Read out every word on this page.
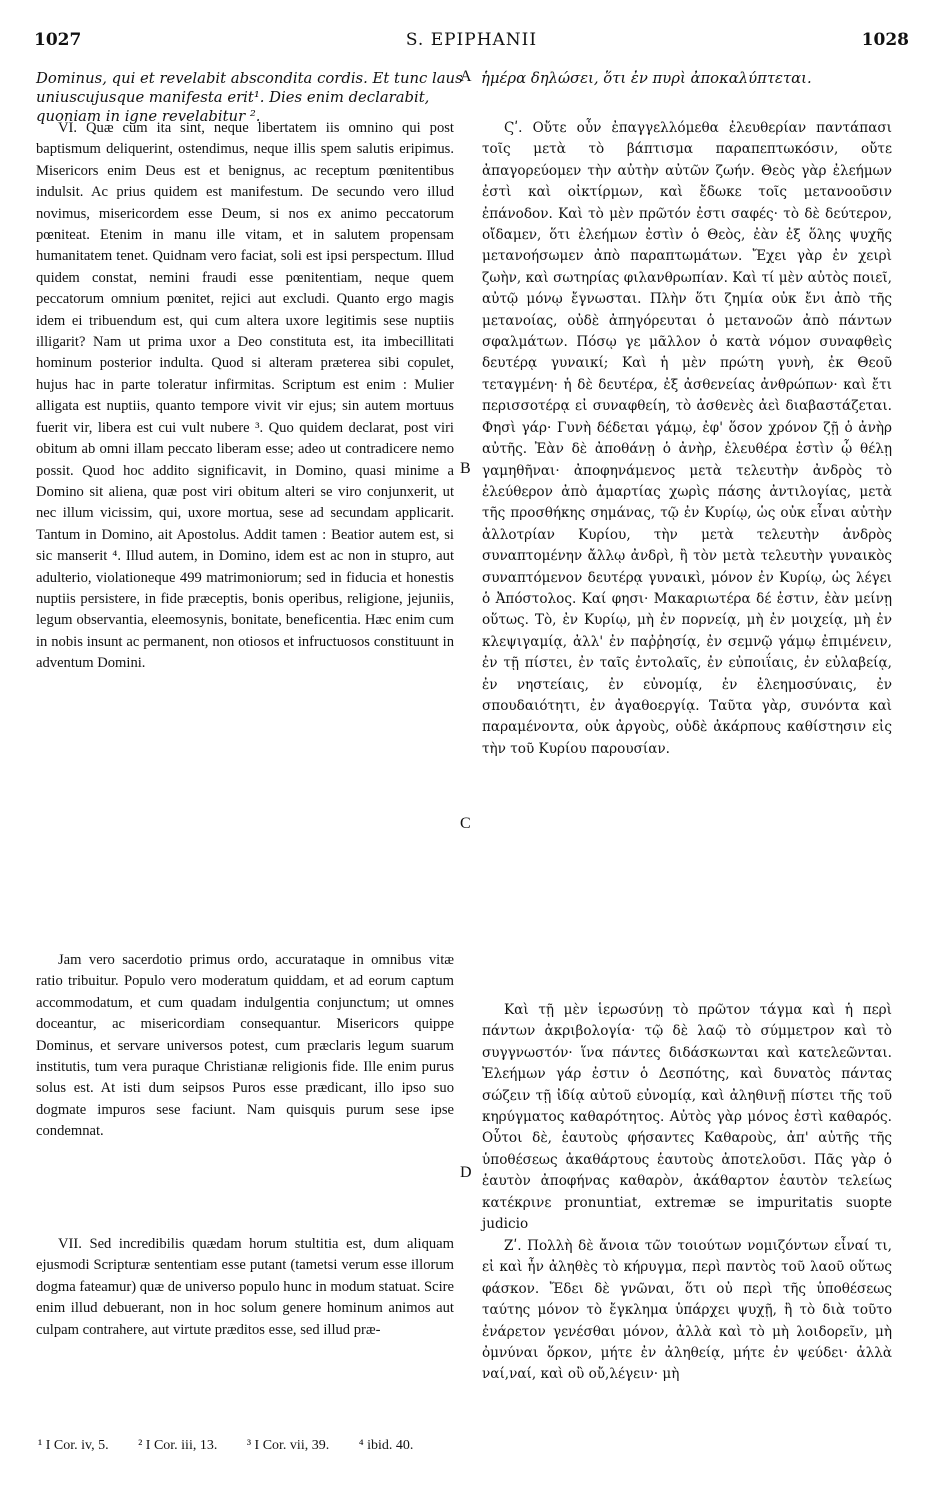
1027	S. EPIPHANII	1028
Dominus, qui et revelabit abscondita cordis. Et tunc laus uniuscujusque manifesta erit¹. Dies enim declarabit, quoniam in igne revelabitur ².
A ἡμέρα δηλώσει, ὅτι ἐν πυρὶ ἀποκαλύπτεται.

VI. Quæ cum ita sint, neque libertatem iis omnino qui post baptismum deliquerint, ostendimus, neque illis spem salutis eripimus. Misericors enim Deus est et benignus, ac receptum pœnitentibus indulsit. Ac prius quidem est manifestum. De secundo vero illud novimus, misericordem esse Deum, si nos ex animo peccatorum pœniteat. Etenim in manu ille vitam, et in salutem propensam humanitatem tenet. Quidnam vero faciat, soli est ipsi perspectum. Illud quidem constat, nemini fraudi esse pœnitentiam, neque quem peccatorum omnium pœnitet, rejici aut excludi. Quanto ergo magis idem ei tribuendum est, qui cum altera uxore legitimis sese nuptiis illigarit? Nam ut prima uxor a Deo constituta est, ita imbecillitati hominum posterior indulta. Quod si alteram præterea sibi copulet, hujus hac in parte toleratur infirmitas. Scriptum est enim : Mulier alligata est nuptiis, quanto tempore vivit vir ejus; sin autem mortuus fuerit vir, libera est cui vult nubere ³. Quo quidem declarat, post viri obitum ab omni illam peccato liberam esse; adeo ut contradicere nemo possit. Quod hoc addito significavit, in Domino, quasi minime a Domino sit aliena, quæ post viri obitum alteri se viro conjunxerit, ut nec illum vicissim, qui, uxore mortua, sese ad secundam applicarit. Tantum in Domino, ait Apostolus. Addit tamen : Beatior autem est, si sic manserit ⁴. Illud autem, in Domino, idem est ac non in stupro, aut adulterio, violationeque 499 matrimoniorum; sed in fiducia et honestis nuptiis persistere, in fide præceptis, bonis operibus, religione, jejuniis, legum observantia, eleemosynis, bonitate, beneficentia. Hæc enim cum in nobis insunt ac permanent, non otiosos et infructuosos constituunt in adventum Domini.

Jam vero sacerdotio primus ordo, accurataque in omnibus vitæ ratio tribuitur. Populo vero moderatum quiddam, et ad eorum captum accommodatum, et cum quadam indulgentia conjunctum; ut omnes doceantur, ac misericordiam consequantur. Misericors quippe Dominus, et servare universos potest, cum præclaris legum suarum institutis, tum vera puraque Christianæ religionis fide. Ille enim purus solus est. At isti dum seipsos Puros esse prædicant, illo ipso suo dogmate impuros sese faciunt. Nam quisquis purum sese ipse condemnat.

VII. Sed incredibilis quædam horum stultitia est, dum aliquam ejusmodi Scripturæ sententiam esse putant (tametsi verum esse illorum dogma fateamur) quæ de universo populo hunc in modum statuat. Scire enim illud debuerant, non in hoc solum genere hominum animos aut culpam contrahere, aut virtute præditos esse, sed illud præ-

B
C
D

Ϛʹ. Οὔτε οὖν ἐπαγγελλόμεθα ἐλευθερίαν παντάπασι τοῖς μετὰ τὸ βάπτισμα παραπεπτωκόσιν, οὔτε ἀπαγορεύομεν τὴν αὐτὴν αὐτῶν ζωήν. Θεὸς γὰρ ἐλεήμων ἐστὶ καὶ οἰκτίρμων, καὶ ἔδωκε τοῖς μετανοοῦσιν ἐπάνοδον. Καὶ τὸ μὲν πρῶτόν ἐστι σαφές· τὸ δὲ δεύτερον, οἴδαμεν, ὅτι ἐλεήμων ἐστὶν ὁ Θεὸς, ἐὰν ἐξ ὅλης ψυχῆς μετανοήσωμεν ἀπὸ παραπτωμάτων. Ἔχει γὰρ ἐν χειρὶ ζωὴν, καὶ σωτηρίας φιλανθρωπίαν. Καὶ τί μὲν αὐτὸς ποιεῖ, αὐτῷ μόνῳ ἔγνωσται. Πλὴν ὅτι ζημία οὐκ ἔνι ἀπὸ τῆς μετανοίας, οὐδὲ ἀπηγόρευται ὁ μετανοῶν ἀπὸ πάντων σφαλμάτων. Πόσῳ γε μᾶλλον ὁ κατὰ νόμον συναφθεὶς δευτέρᾳ γυναικί; Καὶ ἡ μὲν πρώτη γυνὴ, ἐκ Θεοῦ τεταγμένη· ἡ δὲ δευτέρα, ἐξ ἀσθενείας ἀνθρώπων· καὶ ἔτι περισσοτέρᾳ εἰ συναφθείη, τὸ ἀσθενὲς ἀεὶ διαβαστάζεται. Φησὶ γάρ· Γυνὴ δέδεται γάμῳ, ἐφ' ὅσον χρόνον ζῇ ὁ ἀνὴρ αὐτῆς. Ἐὰν δὲ ἀποθάνῃ ὁ ἀνὴρ, ἐλευθέρα ἐστὶν ᾧ θέλῃ γαμηθῆναι· ἀποφηνάμενος μετὰ τελευτὴν ἀνδρὸς τὸ ἐλεύθερον ἀπὸ ἁμαρτίας χωρὶς πάσης ἀντιλογίας, μετὰ τῆς προσθήκης σημάνας, τῷ ἐν Κυρίῳ, ὡς οὐκ εἶναι αὐτὴν ἀλλοτρίαν Κυρίου, τὴν μετὰ τελευτὴν ἀνδρὸς συναπτομένην ἄλλῳ ἀνδρὶ, ἢ τὸν μετὰ τελευτὴν γυναικὸς συναπτόμενον δευτέρᾳ γυναικὶ, μόνον ἐν Κυρίῳ, ὡς λέγει ὁ Ἀπόστολος. Καί φησι· Μακαριωτέρα δέ ἐστιν, ἐὰν μείνῃ οὕτως. Τὸ, ἐν Κυρίῳ, μὴ ἐν πορνείᾳ, μὴ ἐν μοιχείᾳ, μὴ ἐν κλεψιγαμίᾳ, ἀλλ' ἐν παῤῥησίᾳ, ἐν σεμνῷ γάμῳ ἐπιμένειν, ἐν τῇ πίστει, ἐν ταῖς ἐντολαῖς, ἐν εὐποιΐαις, ἐν εὐλαβείᾳ, ἐν νηστείαις, ἐν εὐνομίᾳ, ἐν ἐλεημοσύναις, ἐν σπουδαιότητι, ἐν ἀγαθοεργίᾳ. Ταῦτα γὰρ, συνόντα καὶ παραμένοντα, οὐκ ἀργοὺς, οὐδὲ ἀκάρπους καθίστησιν εἰς τὴν τοῦ Κυρίου παρουσίαν.

Καὶ τῇ μὲν ἱερωσύνῃ τὸ πρῶτον τάγμα καὶ ἡ περὶ πάντων ἀκριβολογία· τῷ δὲ λαῷ τὸ σύμμετρον καὶ τὸ συγγνωστόν· ἵνα πάντες διδάσκωνται καὶ κατελεῶνται. Ἐλεήμων γάρ ἐστιν ὁ Δεσπότης, καὶ δυνατὸς πάντας σώζειν τῇ ἰδίᾳ αὐτοῦ εὐνομίᾳ, καὶ ἀληθινῇ πίστει τῆς τοῦ κηρύγματος καθαρότητος. Αὐτὸς γὰρ μόνος ἐστὶ καθαρός. Οὗτοι δὲ, ἑαυτοὺς φήσαντες Καθαροὺς, ἀπ' αὐτῆς τῆς ὑποθέσεως ἀκαθάρτους ἑαυτοὺς ἀποτελοῦσι. Πᾶς γὰρ ὁ ἑαυτὸν ἀποφήνας καθαρὸν, ἀκάθαρτον ἑαυτὸν τελείως κατέκρινε pronuntiat, extremæ se impuritatis suopte judicio

Ζʹ. Πολλὴ δὲ ἄνοια τῶν τοιούτων νομιζόντων εἶναί τι, εἰ καὶ ἦν ἀληθὲς τὸ κήρυγμα, περὶ παντὸς τοῦ λαοῦ οὕτως φάσκον. Ἔδει δὲ γνῶναι, ὅτι οὐ περὶ τῆς ὑποθέσεως ταύτης μόνον τὸ ἔγκλημα ὑπάρχει ψυχῇ, ἢ τὸ διὰ τοῦτο ἐνάρετον γενέσθαι μόνον, ἀλλὰ καὶ τὸ μὴ λοιδορεῖν, μὴ ὀμνύναι ὅρκον, μήτε ἐν ἀληθείᾳ, μήτε ἐν ψεύδει· ἀλλὰ ναί,ναί, καὶ οὒ οὔ,λέγειν· μὴ

¹ I Cor. iv, 5. ² I Cor. iii, 13. ³ I Cor. vii, 39. ⁴ ibid. 40.
